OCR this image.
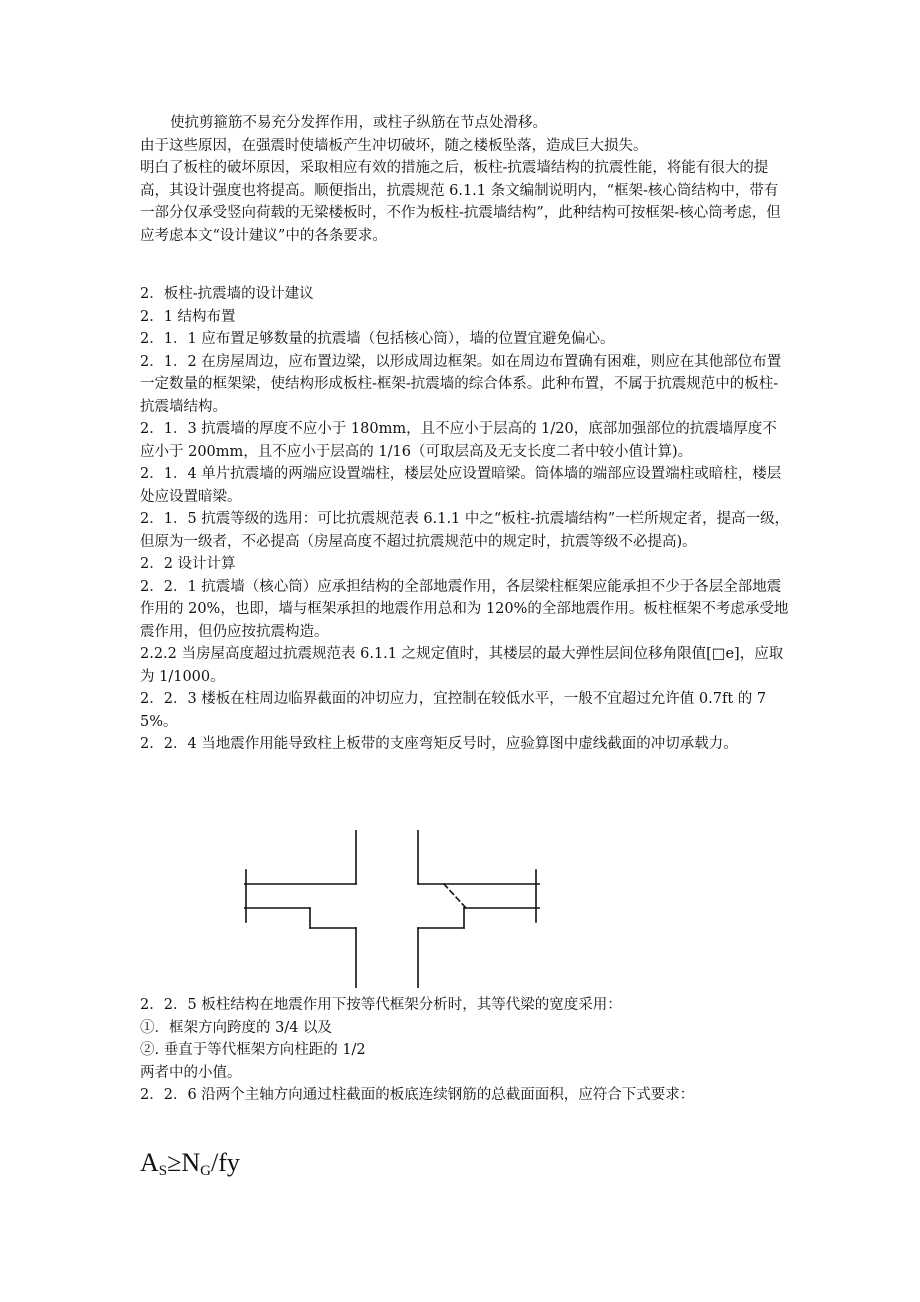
使抗剪箍筋不易充分发挥作用，或柱子纵筋在节点处滑移。

由于这些原因，在强震时使墙板产生冲切破坏，随之楼板坠落，造成巨大损失。

明白了板柱的破坏原因，采取相应有效的措施之后，板柱-抗震墙结构的抗震性能，将能有很大的提高，其设计强度也将提高。顺便指出，抗震规范 6.1.1 条文编制说明内，“框架-核心筒结构中，带有一部分仅承受竖向荷载的无梁楼板时，不作为板柱-抗震墙结构”，此种结构可按框架-核心筒考虑，但应考虑本文“设计建议”中的各条要求。

2．板柱-抗震墙的设计建议

2．1 结构布置

2．1．1 应布置足够数量的抗震墙（包括核心筒），墙的位置宜避免偏心。

2．1．2 在房屋周边，应布置边梁，以形成周边框架。如在周边布置确有困难，则应在其他部位布置一定数量的框架梁，使结构形成板柱-框架-抗震墙的综合体系。此种布置，不属于抗震规范中的板柱-抗震墙结构。

2．1．3 抗震墙的厚度不应小于 180mm，且不应小于层高的 1/20，底部加强部位的抗震墙厚度不应小于 200mm，且不应小于层高的 1/16（可取层高及无支长度二者中较小值计算)。

2．1．4 单片抗震墙的两端应设置端柱，楼层处应设置暗梁。筒体墙的端部应设置端柱或暗柱，楼层处应设置暗梁。

2．1．5 抗震等级的选用：可比抗震规范表 6.1.1 中之“板柱-抗震墙结构”一栏所规定者，提高一级，但原为一级者，不必提高（房屋高度不超过抗震规范中的规定时，抗震等级不必提高)。

2．2 设计计算

2．2．1 抗震墙（核心筒）应承担结构的全部地震作用，各层梁柱框架应能承担不少于各层全部地震作用的 20%，也即，墙与框架承担的地震作用总和为 120%的全部地震作用。板柱框架不考虑承受地震作用，但仍应按抗震构造。

2.2.2 当房屋高度超过抗震规范表 6.1.1 之规定值时，其楼层的最大弹性层间位移角限值[□e]，应取为 1/1000。

2．2．3 楼板在柱周边临界截面的冲切应力，宜控制在较低水平，一般不宜超过允许值 0.7ft 的 75%。

2．2．4 当地震作用能导致柱上板带的支座弯矩反号时，应验算图中虚线截面的冲切承载力。

2．2．5 板柱结构在地震作用下按等代框架分析时，其等代梁的宽度采用：

①．框架方向跨度的 3/4 以及

②. 垂直于等代框架方向柱距的 1/2

两者中的小值。

2．2．6 沿两个主轴方向通过柱截面的板底连续钢筋的总截面面积，应符合下式要求：

$A_S\ge N_G/fy$
